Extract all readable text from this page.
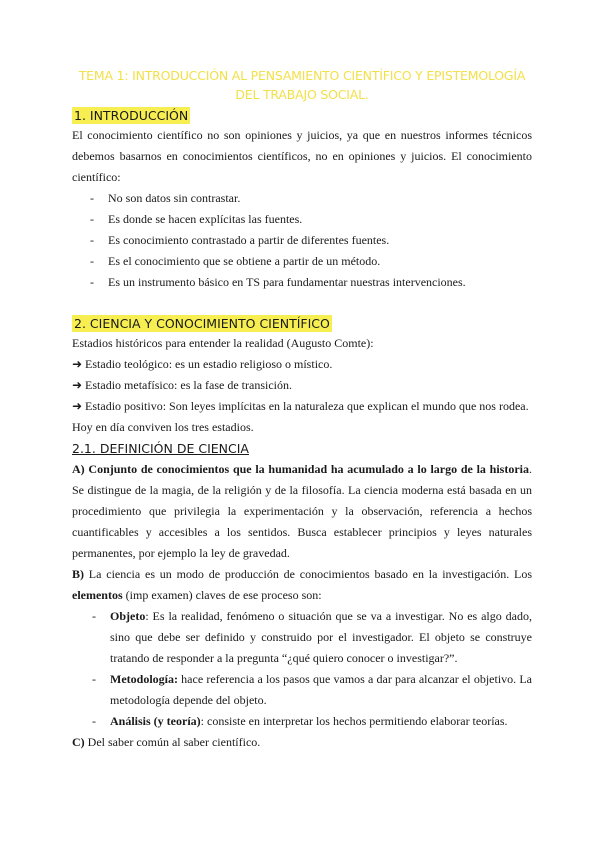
TEMA 1: INTRODUCCIÓN AL PENSAMIENTO CIENTÍFICO Y EPISTEMOLOGÍA DEL TRABAJO SOCIAL.
1. INTRODUCCIÓN

El conocimiento científico no son opiniones y juicios, ya que en nuestros informes técnicos debemos basarnos en conocimientos científicos, no en opiniones y juicios. El conocimiento científico:

- No son datos sin contrastar.
- Es donde se hacen explícitas las fuentes.
- Es conocimiento contrastado a partir de diferentes fuentes.
- Es el conocimiento que se obtiene a partir de un método.
- Es un instrumento básico en TS para fundamentar nuestras intervenciones.
2. CIENCIA Y CONOCIMIENTO CIENTÍFICO

Estadios históricos para entender la realidad (Augusto Comte):

➜ Estadio teológico: es un estadio religioso o místico.

➜ Estadio metafísico: es la fase de transición.

➜ Estadio positivo: Son leyes implícitas en la naturaleza que explican el mundo que nos rodea.

Hoy en día conviven los tres estadios.

2.1. DEFINICIÓN DE CIENCIA

A) Conjunto de conocimientos que la humanidad ha acumulado a lo largo de la historia. Se distingue de la magia, de la religión y de la filosofía. La ciencia moderna está basada en un procedimiento que privilegia la experimentación y la observación, referencia a hechos cuantificables y accesibles a los sentidos. Busca establecer principios y leyes naturales permanentes, por ejemplo la ley de gravedad.

B) La ciencia es un modo de producción de conocimientos basado en la investigación. Los elementos (imp examen) claves de ese proceso son:

- Objeto: Es la realidad, fenómeno o situación que se va a investigar. No es algo dado, sino que debe ser definido y construido por el investigador. El objeto se construye tratando de responder a la pregunta “¿qué quiero conocer o investigar?”.
- Metodología: hace referencia a los pasos que vamos a dar para alcanzar el objetivo. La metodología depende del objeto.
- Análisis (y teoría): consiste en interpretar los hechos permitiendo elaborar teorías.

C) Del saber común al saber científico.
